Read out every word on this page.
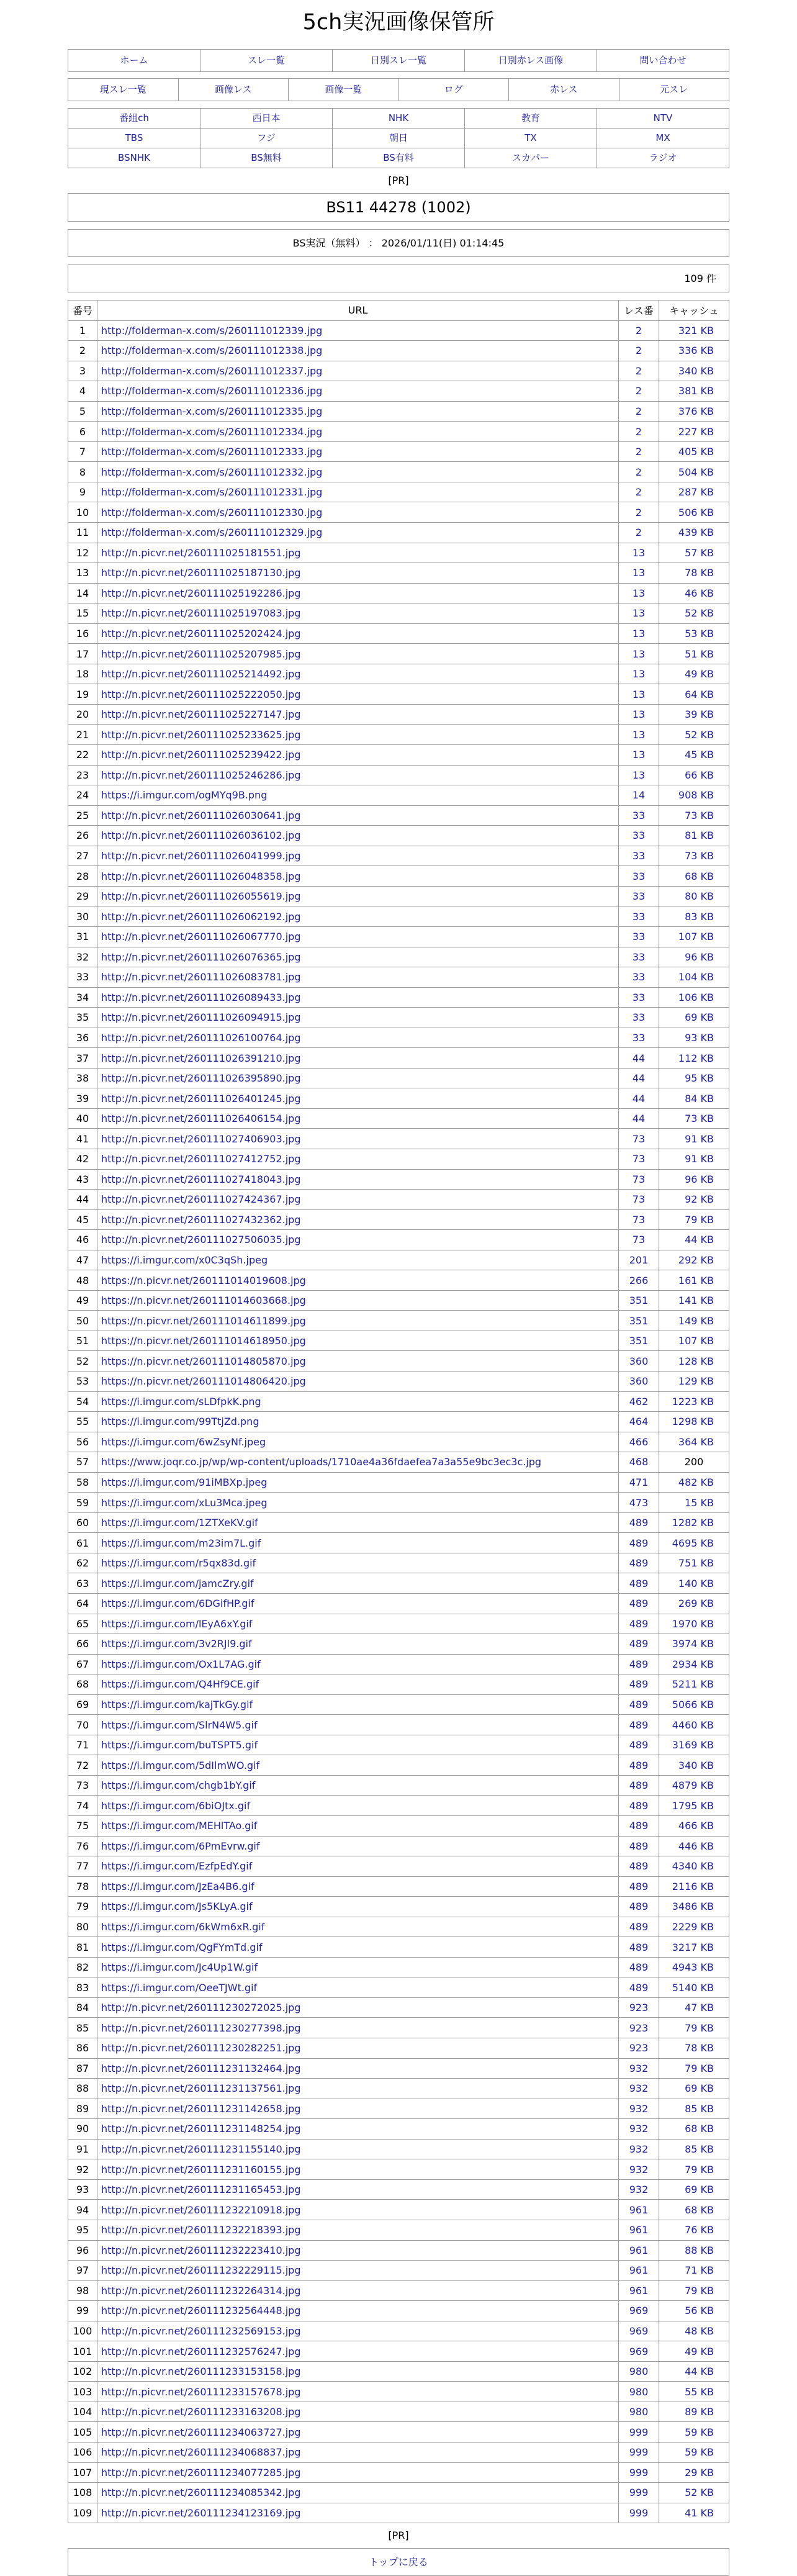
5ch実況画像保管所
ホーム	スレ一覧	日別スレ一覧	日別赤レス画像	問い合わせ
現スレ一覧	画像レス	画像一覧	ログ	赤レス	元スレ
番組ch	西日本	NHK	教育	NTV
TBS	フジ	朝日	TX	MX
BSNHK	BS無料	BS有料	スカパー	ラジオ
[PR]
BS11 44278 (1002)
BS実況（無料） ： 2026/01/11(日) 01:14:45
109 件
番号	URL	レス番	キャッシュ
1	http://folderman-x.com/s/260111012339.jpg	2	321 KB
2	http://folderman-x.com/s/260111012338.jpg	2	336 KB
3	http://folderman-x.com/s/260111012337.jpg	2	340 KB
4	http://folderman-x.com/s/260111012336.jpg	2	381 KB
5	http://folderman-x.com/s/260111012335.jpg	2	376 KB
6	http://folderman-x.com/s/260111012334.jpg	2	227 KB
7	http://folderman-x.com/s/260111012333.jpg	2	405 KB
8	http://folderman-x.com/s/260111012332.jpg	2	504 KB
9	http://folderman-x.com/s/260111012331.jpg	2	287 KB
10	http://folderman-x.com/s/260111012330.jpg	2	506 KB
11	http://folderman-x.com/s/260111012329.jpg	2	439 KB
12	http://n.picvr.net/260111025181551.jpg	13	57 KB
13	http://n.picvr.net/260111025187130.jpg	13	78 KB
14	http://n.picvr.net/260111025192286.jpg	13	46 KB
15	http://n.picvr.net/260111025197083.jpg	13	52 KB
16	http://n.picvr.net/260111025202424.jpg	13	53 KB
17	http://n.picvr.net/260111025207985.jpg	13	51 KB
18	http://n.picvr.net/260111025214492.jpg	13	49 KB
19	http://n.picvr.net/260111025222050.jpg	13	64 KB
20	http://n.picvr.net/260111025227147.jpg	13	39 KB
21	http://n.picvr.net/260111025233625.jpg	13	52 KB
22	http://n.picvr.net/260111025239422.jpg	13	45 KB
23	http://n.picvr.net/260111025246286.jpg	13	66 KB
24	https://i.imgur.com/ogMYq9B.png	14	908 KB
25	http://n.picvr.net/260111026030641.jpg	33	73 KB
26	http://n.picvr.net/260111026036102.jpg	33	81 KB
27	http://n.picvr.net/260111026041999.jpg	33	73 KB
28	http://n.picvr.net/260111026048358.jpg	33	68 KB
29	http://n.picvr.net/260111026055619.jpg	33	80 KB
30	http://n.picvr.net/260111026062192.jpg	33	83 KB
31	http://n.picvr.net/260111026067770.jpg	33	107 KB
32	http://n.picvr.net/260111026076365.jpg	33	96 KB
33	http://n.picvr.net/260111026083781.jpg	33	104 KB
34	http://n.picvr.net/260111026089433.jpg	33	106 KB
35	http://n.picvr.net/260111026094915.jpg	33	69 KB
36	http://n.picvr.net/260111026100764.jpg	33	93 KB
37	http://n.picvr.net/260111026391210.jpg	44	112 KB
38	http://n.picvr.net/260111026395890.jpg	44	95 KB
39	http://n.picvr.net/260111026401245.jpg	44	84 KB
40	http://n.picvr.net/260111026406154.jpg	44	73 KB
41	http://n.picvr.net/260111027406903.jpg	73	91 KB
42	http://n.picvr.net/260111027412752.jpg	73	91 KB
43	http://n.picvr.net/260111027418043.jpg	73	96 KB
44	http://n.picvr.net/260111027424367.jpg	73	92 KB
45	http://n.picvr.net/260111027432362.jpg	73	79 KB
46	http://n.picvr.net/260111027506035.jpg	73	44 KB
47	https://i.imgur.com/x0C3qSh.jpeg	201	292 KB
48	https://n.picvr.net/260111014019608.jpg	266	161 KB
49	https://n.picvr.net/260111014603668.jpg	351	141 KB
50	https://n.picvr.net/260111014611899.jpg	351	149 KB
51	https://n.picvr.net/260111014618950.jpg	351	107 KB
52	https://n.picvr.net/260111014805870.jpg	360	128 KB
53	https://n.picvr.net/260111014806420.jpg	360	129 KB
54	https://i.imgur.com/sLDfpkK.png	462	1223 KB
55	https://i.imgur.com/99TtjZd.png	464	1298 KB
56	https://i.imgur.com/6wZsyNf.jpeg	466	364 KB
57	https://www.joqr.co.jp/wp/wp-content/uploads/1710ae4a36fdaefea7a3a55e9bc3ec3c.jpg	468	200
58	https://i.imgur.com/91iMBXp.jpeg	471	482 KB
59	https://i.imgur.com/xLu3Mca.jpeg	473	15 KB
60	https://i.imgur.com/1ZTXeKV.gif	489	1282 KB
61	https://i.imgur.com/m23im7L.gif	489	4695 KB
62	https://i.imgur.com/r5qx83d.gif	489	751 KB
63	https://i.imgur.com/jamcZry.gif	489	140 KB
64	https://i.imgur.com/6DGifHP.gif	489	269 KB
65	https://i.imgur.com/lEyA6xY.gif	489	1970 KB
66	https://i.imgur.com/3v2RJl9.gif	489	3974 KB
67	https://i.imgur.com/Ox1L7AG.gif	489	2934 KB
68	https://i.imgur.com/Q4Hf9CE.gif	489	5211 KB
69	https://i.imgur.com/kajTkGy.gif	489	5066 KB
70	https://i.imgur.com/SlrN4W5.gif	489	4460 KB
71	https://i.imgur.com/buTSPT5.gif	489	3169 KB
72	https://i.imgur.com/5dIlmWO.gif	489	340 KB
73	https://i.imgur.com/chgb1bY.gif	489	4879 KB
74	https://i.imgur.com/6biOJtx.gif	489	1795 KB
75	https://i.imgur.com/MEHlTAo.gif	489	466 KB
76	https://i.imgur.com/6PmEvrw.gif	489	446 KB
77	https://i.imgur.com/EzfpEdY.gif	489	4340 KB
78	https://i.imgur.com/JzEa4B6.gif	489	2116 KB
79	https://i.imgur.com/Js5KLyA.gif	489	3486 KB
80	https://i.imgur.com/6kWm6xR.gif	489	2229 KB
81	https://i.imgur.com/QgFYmTd.gif	489	3217 KB
82	https://i.imgur.com/Jc4Up1W.gif	489	4943 KB
83	https://i.imgur.com/OeeTJWt.gif	489	5140 KB
84	http://n.picvr.net/260111230272025.jpg	923	47 KB
85	http://n.picvr.net/260111230277398.jpg	923	79 KB
86	http://n.picvr.net/260111230282251.jpg	923	78 KB
87	http://n.picvr.net/260111231132464.jpg	932	79 KB
88	http://n.picvr.net/260111231137561.jpg	932	69 KB
89	http://n.picvr.net/260111231142658.jpg	932	85 KB
90	http://n.picvr.net/260111231148254.jpg	932	68 KB
91	http://n.picvr.net/260111231155140.jpg	932	85 KB
92	http://n.picvr.net/260111231160155.jpg	932	79 KB
93	http://n.picvr.net/260111231165453.jpg	932	69 KB
94	http://n.picvr.net/260111232210918.jpg	961	68 KB
95	http://n.picvr.net/260111232218393.jpg	961	76 KB
96	http://n.picvr.net/260111232223410.jpg	961	88 KB
97	http://n.picvr.net/260111232229115.jpg	961	71 KB
98	http://n.picvr.net/260111232264314.jpg	961	79 KB
99	http://n.picvr.net/260111232564448.jpg	969	56 KB
100	http://n.picvr.net/260111232569153.jpg	969	48 KB
101	http://n.picvr.net/260111232576247.jpg	969	49 KB
102	http://n.picvr.net/260111233153158.jpg	980	44 KB
103	http://n.picvr.net/260111233157678.jpg	980	55 KB
104	http://n.picvr.net/260111233163208.jpg	980	89 KB
105	http://n.picvr.net/260111234063727.jpg	999	59 KB
106	http://n.picvr.net/260111234068837.jpg	999	59 KB
107	http://n.picvr.net/260111234077285.jpg	999	29 KB
108	http://n.picvr.net/260111234085342.jpg	999	52 KB
109	http://n.picvr.net/260111234123169.jpg	999	41 KB
[PR]
トップに戻る
